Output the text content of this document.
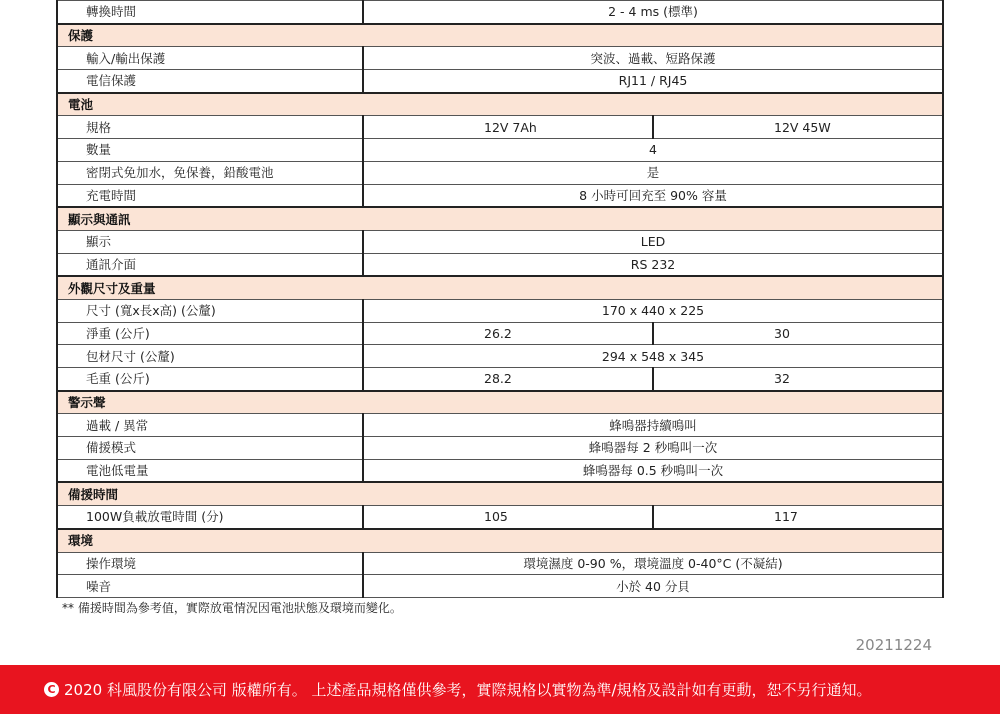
轉換時間	2 - 4 ms (標準)	
保護		
輸入/輸出保護	突波、過載、短路保護	
電信保護	RJ11 / RJ45	
電池		
規格	12V 7Ah	12V 45W
數量	4	
密閉式免加水，免保養，鉛酸電池	是	
充電時間	8 小時可回充至 90% 容量	
顯示與通訊		
顯示	LED	
通訊介面	RS 232	
外觀尺寸及重量		
尺寸 (寬x長x高) (公釐)	170 x 440 x 225	
淨重 (公斤)	26.2	30
包材尺寸 (公釐)	294 x 548 x 345	
毛重 (公斤)	28.2	32
警示聲		
過載 / 異常	蜂鳴器持續鳴叫	
備援模式	蜂鳴器每 2 秒鳴叫一次	
電池低電量	蜂鳴器每 0.5 秒鳴叫一次	
備援時間		
100W負載放電時間 (分)	105	117
環境		
操作環境	環境濕度 0-90 %，環境溫度 0-40°C (不凝結)	
噪音	小於 40 分貝	
** 備援時間為參考值，實際放電情況因電池狀態及環境而變化。
20211224
C 2020 科風股份有限公司 版權所有。 上述產品規格僅供參考，實際規格以實物為準/規格及設計如有更動，恕不另行通知。
